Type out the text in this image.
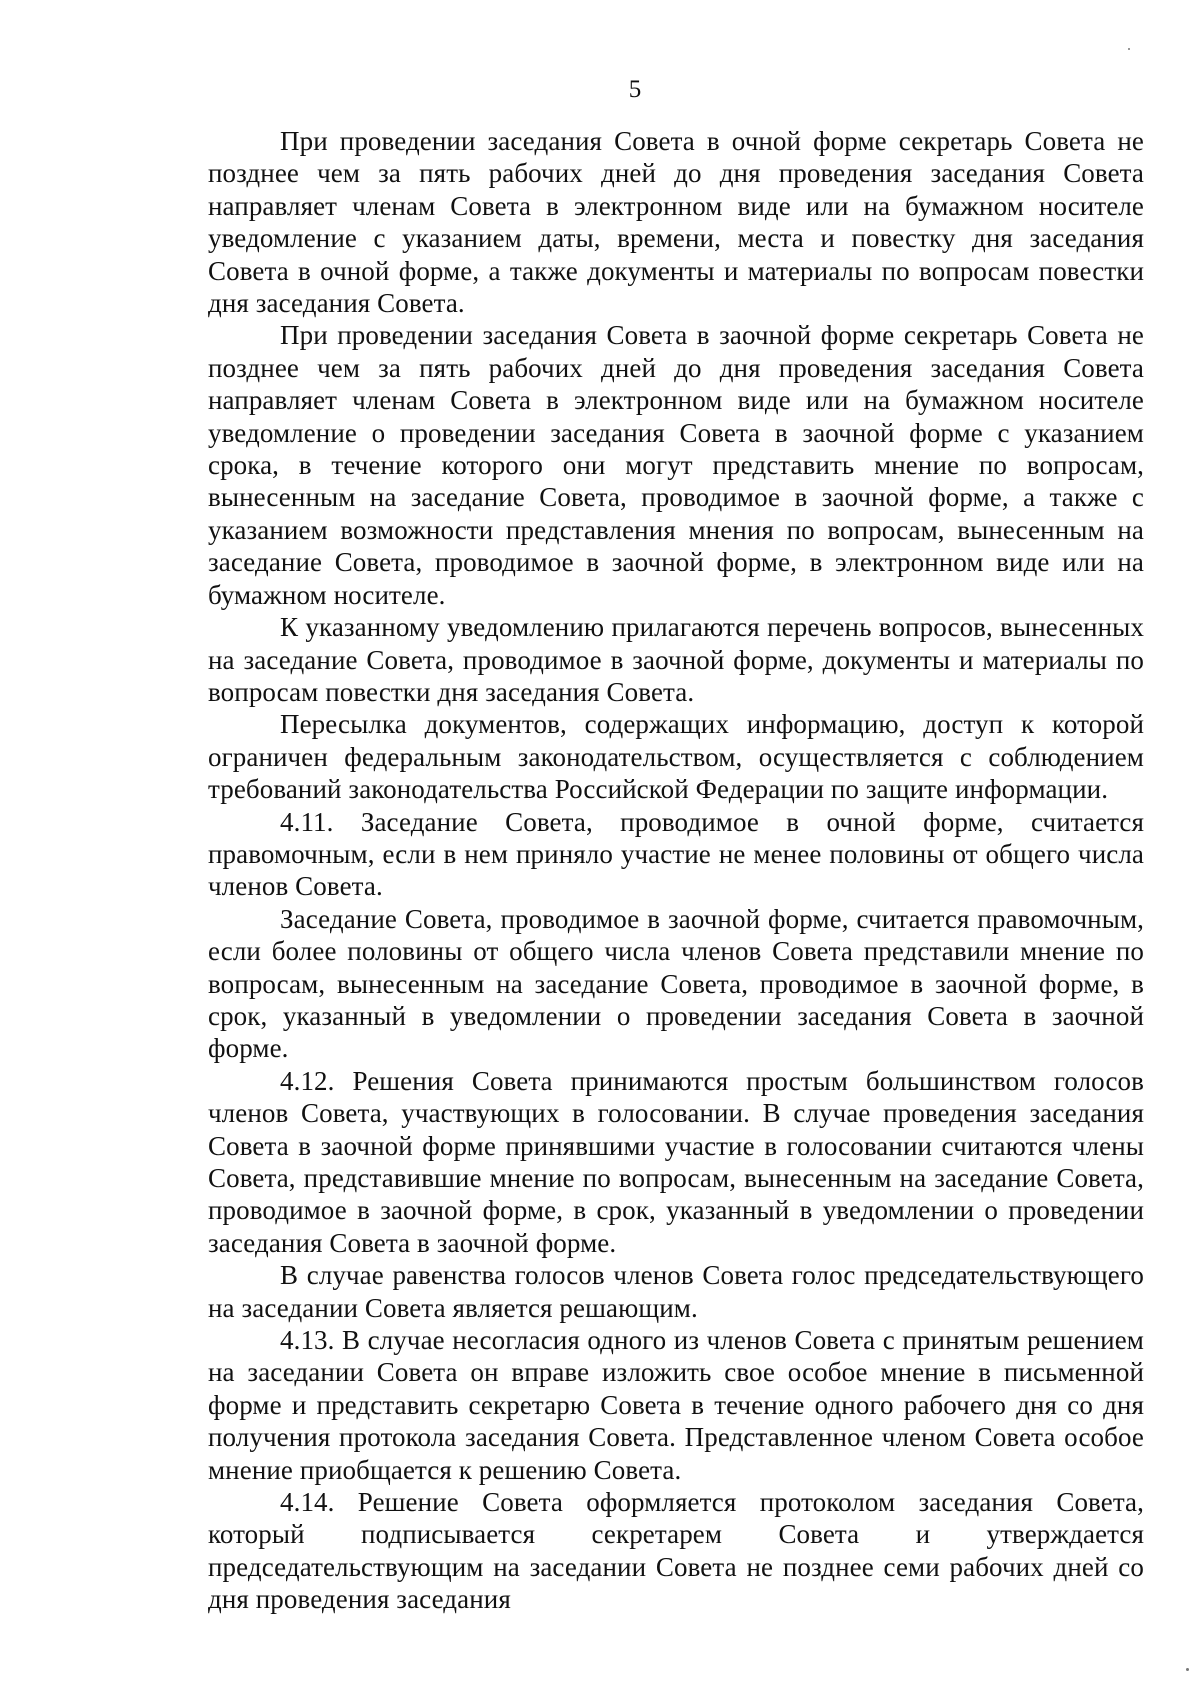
5

При проведении заседания Совета в очной форме секретарь Совета не позднее чем за пять рабочих дней до дня проведения заседания Совета направляет членам Совета в электронном виде или на бумажном носителе уведомление с указанием даты, времени, места и повестку дня заседания Совета в очной форме, а также документы и материалы по вопросам повестки дня заседания Совета.

При проведении заседания Совета в заочной форме секретарь Совета не позднее чем за пять рабочих дней до дня проведения заседания Совета направляет членам Совета в электронном виде или на бумажном носителе уведомление о проведении заседания Совета в заочной форме с указанием срока, в течение которого они могут представить мнение по вопросам, вынесенным на заседание Совета, проводимое в заочной форме, а также с указанием возможности представления мнения по вопросам, вынесенным на заседание Совета, проводимое в заочной форме, в электронном виде или на бумажном носителе.

К указанному уведомлению прилагаются перечень вопросов, вынесенных на заседание Совета, проводимое в заочной форме, документы и материалы по вопросам повестки дня заседания Совета.

Пересылка документов, содержащих информацию, доступ к которой ограничен федеральным законодательством, осуществляется с соблюдением требований законодательства Российской Федерации по защите информации.

4.11. Заседание Совета, проводимое в очной форме, считается правомочным, если в нем приняло участие не менее половины от общего числа членов Совета.

Заседание Совета, проводимое в заочной форме, считается правомочным, если более половины от общего числа членов Совета представили мнение по вопросам, вынесенным на заседание Совета, проводимое в заочной форме, в срок, указанный в уведомлении о проведении заседания Совета в заочной форме.

4.12. Решения Совета принимаются простым большинством голосов членов Совета, участвующих в голосовании. В случае проведения заседания Совета в заочной форме принявшими участие в голосовании считаются члены Совета, представившие мнение по вопросам, вынесенным на заседание Совета, проводимое в заочной форме, в срок, указанный в уведомлении о проведении заседания Совета в заочной форме.

В случае равенства голосов членов Совета голос председательствующего на заседании Совета является решающим.

4.13. В случае несогласия одного из членов Совета с принятым решением на заседании Совета он вправе изложить свое особое мнение в письменной форме и представить секретарю Совета в течение одного рабочего дня со дня получения протокола заседания Совета. Представленное членом Совета особое мнение приобщается к решению Совета.

4.14. Решение Совета оформляется протоколом заседания Совета, который подписывается секретарем Совета и утверждается председательствующим на заседании Совета не позднее семи рабочих дней со дня проведения заседания
